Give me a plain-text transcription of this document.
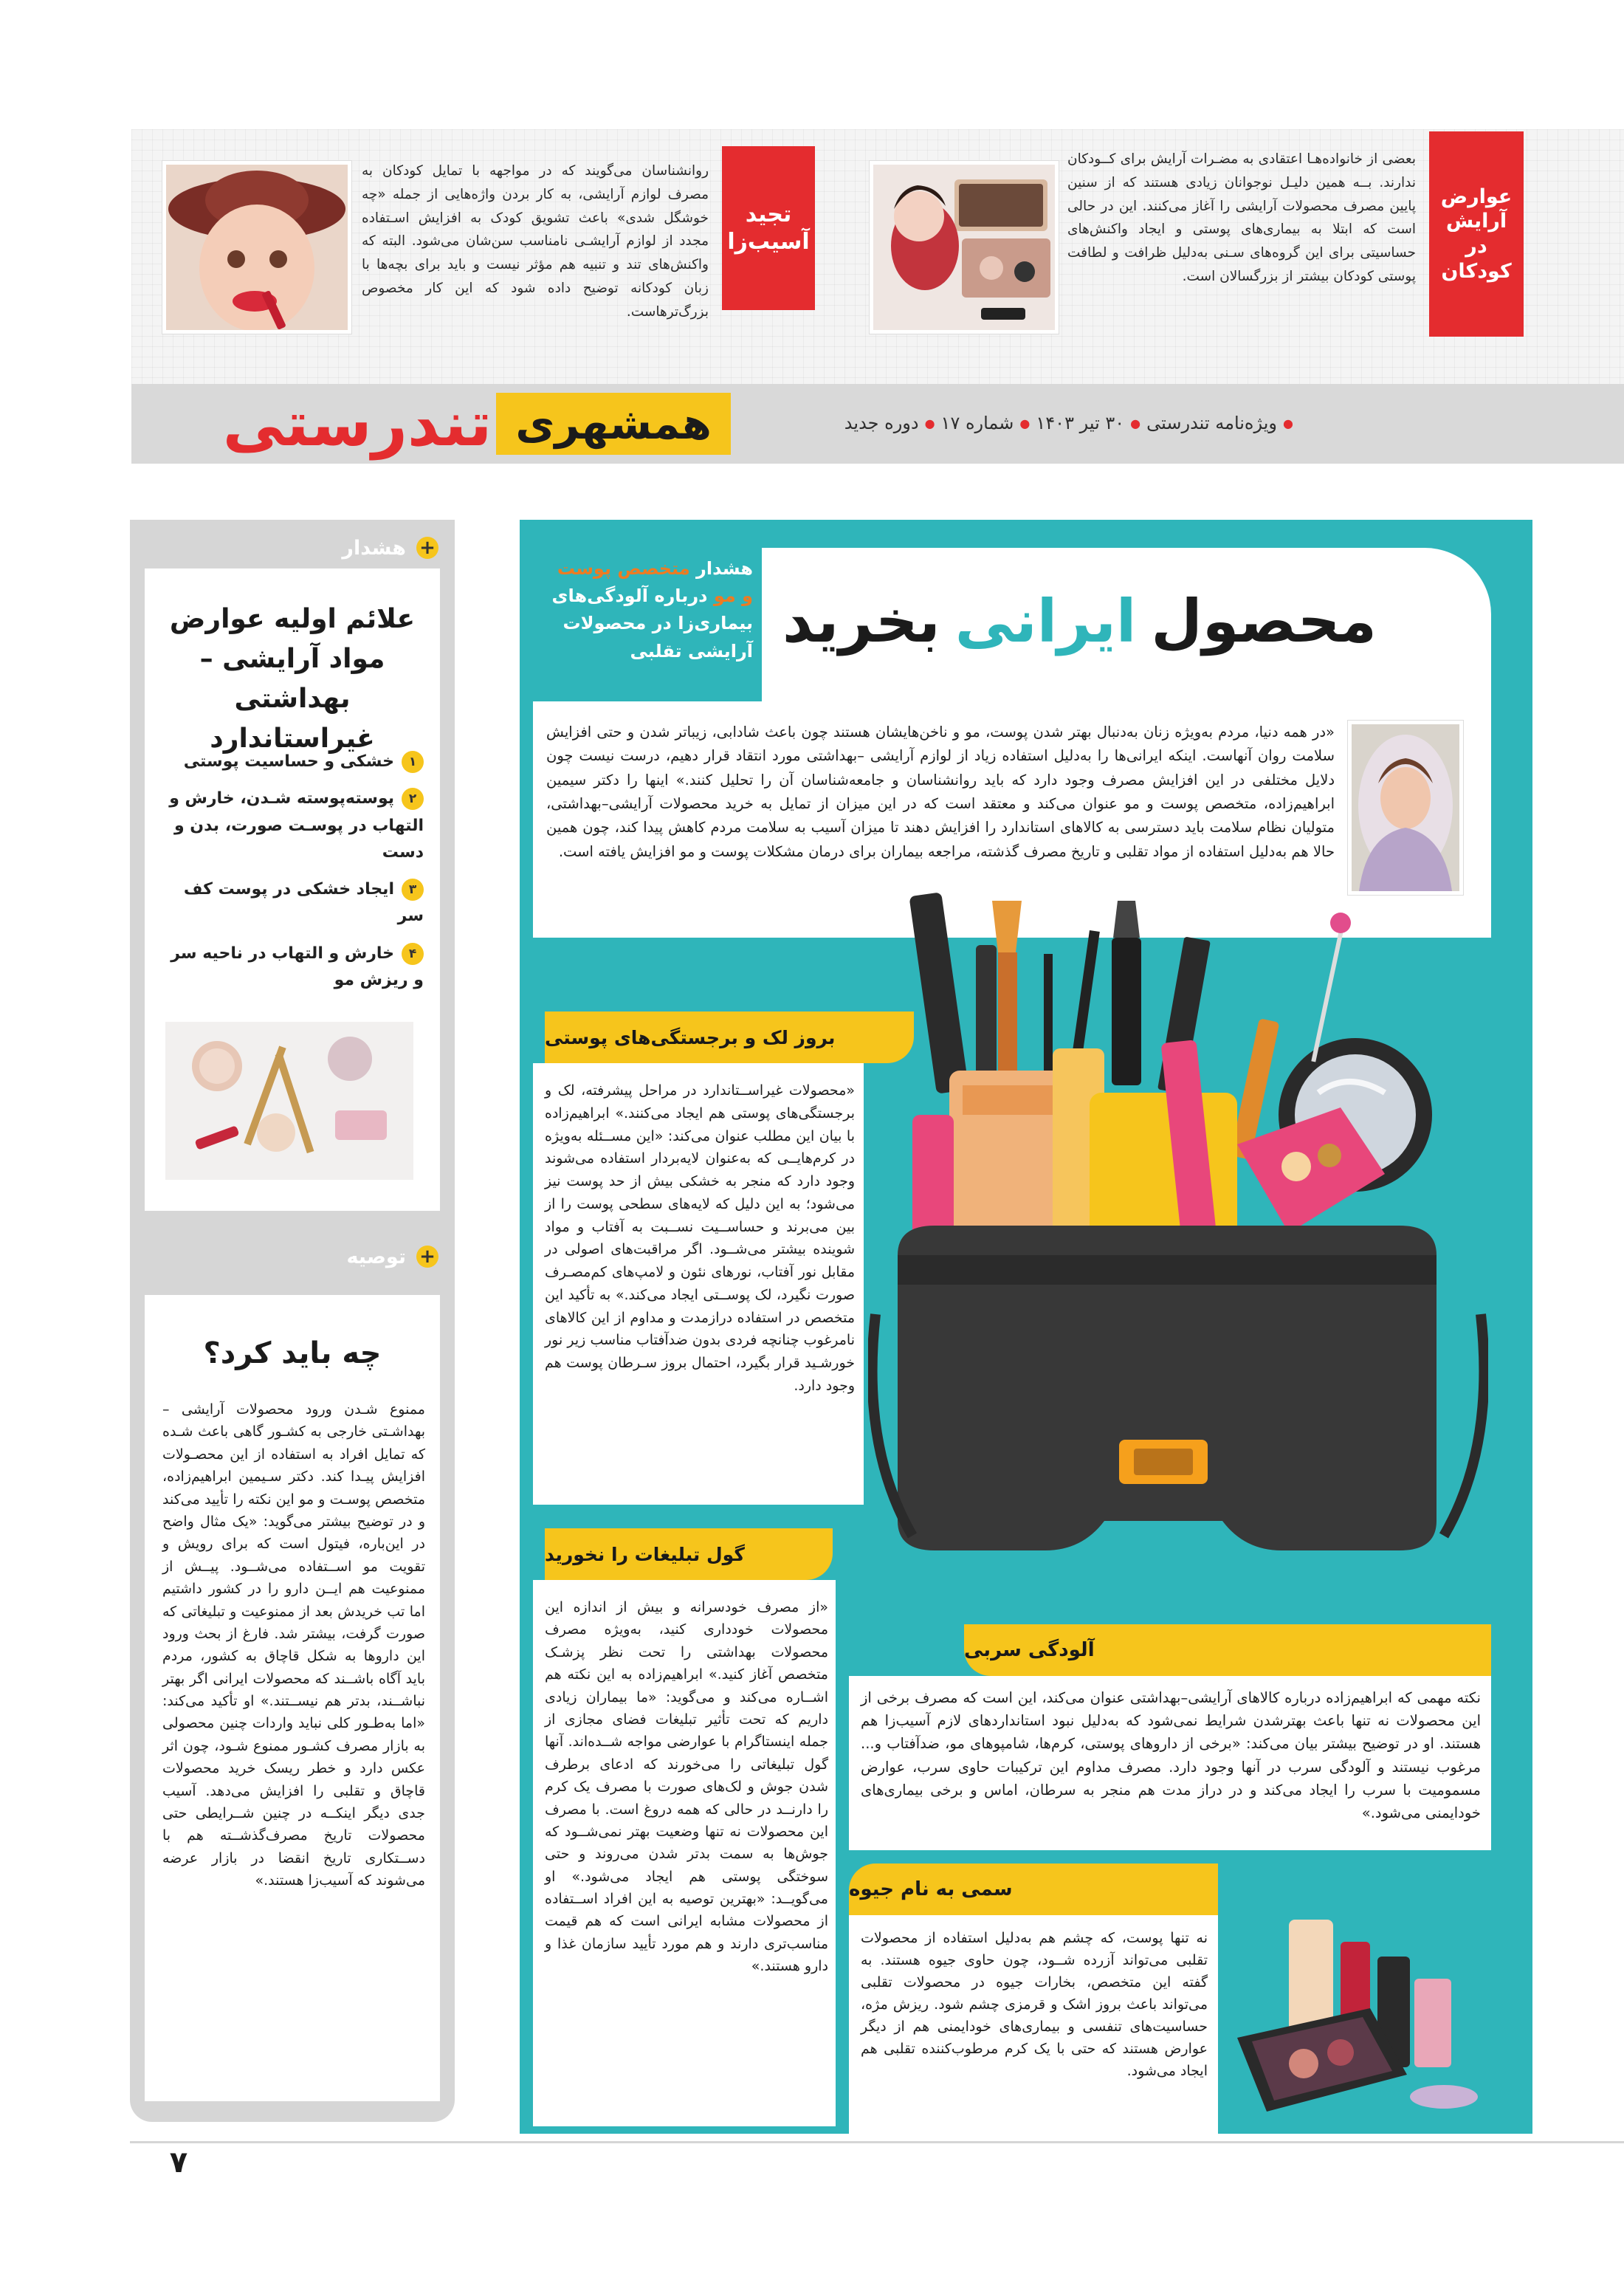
عوارض آرایش در کودکان

بعضی از خانواده‌هـا اعتقادی به مضـرات آرایش برای کــودکان ندارند. بــه همین دلیـل نوجوانان زیادی هستند که از سنین پایین مصرف محصولات آرایشی را آغاز می‌کنند. این در حالی است که ابتلا به بیماری‌های پوستی و ایجاد واکنش‌های حساسیتی برای این گروه‌های سـنی به‌دلیل ظرافت و لطافت پوستی کودکان بیشتر از بزرگسالان است.

تجید آسیب‌زا

روانشناسان می‌گویند که در مواجهه با تمایل کودکان به مصرف لوازم آرایشی، به کار بردن واژه‌هایی از جمله «چه خوشگل شدی» باعث تشویق کودک به افزایش اسـتفاده مجدد از لوازم آرایشـی نامناسب سن‌شان می‌شود. البته که واکنش‌های تند و تنبیه هم مؤثر نیست و باید برای بچه‌ها با زبان کودکانه توضیح داده شود که این کار مخصوص بزرگ‌ترهاست.

همشهری
تندرستی	●
ویژه‌نامه تندرستی
●
۳۰ تیر ۱۴۰۳
●
شماره ۱۷
●
دوره جدید
محصول
ایرانی
بخرید
هشدار متخصص پوست
و مو درباره آلودگی‌های
بیماری‌زا در محصولات
آرایشی تقلبی

«در همه دنیا، مردم به‌ویژه زنان به‌دنبال بهتر شدن پوست، مو و ناخن‌هایشان هستند چون باعث شادابی، زیباتر شدن و حتی افزایش سلامت روان آنهاست. اینکه ایرانی‌ها را به‌دلیل استفاده زیاد از لوازم آرایشی –بهداشتی مورد انتقاد قرار دهیم، درست نیست چون دلایل مختلفی در این افزایش مصرف وجود دارد که باید روانشناسان و جامعه‌شناسان آن را تحلیل کنند.» اینها را دکتر سیمین ابراهیم‌زاده، متخصص پوست و مو عنوان می‌کند و معتقد است که در این میزان از تمایل به خرید محصولات آرایشی–بهداشتی، متولیان نظام سلامت باید دسترسی به کالاهای استاندارد را افزایش دهند تا میزان آسیب به سلامت مردم کاهش پیدا کند، چون همین حالا هم به‌دلیل استفاده از مواد تقلبی و تاریخ مصرف گذشته، مراجعه بیماران برای درمان مشکلات پوست و مو افزایش یافته است.

بروز لک و برجستگی‌های پوستی

«محصولات غیراســتاندارد در مراحل پیشرفته، لک و برجستگی‌های پوستی هم ایجاد می‌کنند.» ابراهیم‌زاده با بیان این مطلب عنوان می‌کند: «این مســئله به‌ویژه در کرم‌هایــی که به‌عنوان لایه‌بردار استفاده می‌شوند وجود دارد که منجر به خشکی بیش از حد پوست نیز می‌شود؛ به این دلیل که لایه‌های سطحی پوست را از بین می‌برند و حساســیت نســبت به آفتاب و مواد شوینده بیشتر می‌شــود. اگر مراقبت‌های اصولی در مقابل نور آفتاب، نورهای نئون و لامپ‌های کم‌مصـرف صورت نگیرد، لک پوســتی ایجاد می‌کند.» به تأکید این متخصص در استفاده درازمدت و مداوم از این کالاهای نامرغوب چنانچه فردی بدون ضدآفتاب مناسب زیر نور خورشـید قرار بگیرد، احتمال بروز سـرطان پوست هم وجود دارد.

گول تبلیغات را نخورید

«از مصرف خودسرانه و بیش از اندازه این محصولات خودداری کنید، به‌ویژه مصرف محصولات بهداشتی را تحت نظر پزشـک متخصص آغاز کنید.» ابراهیم‌زاده به این نکته هم اشــاره می‌کند و می‌گوید: «ما بیماران زیادی داریم که تحت تأثیر تبلیغات فضای مجازی از جمله اینستاگرام با عوارضی مواجه شــده‌اند. آنها گول تبلیغاتی را می‌خورند که ادعای برطرف شدن جوش و لک‌های صورت با مصرف یک کرم را دارنــد در حالی که همه دروغ است. با مصرف این محصولات نه تنها وضعیت بهتر نمی‌شــود که جوش‌ها به سمت بدتر شدن می‌روند و حتی سوختگی پوستی هم ایجاد می‌شود.» او می‌گویــد: «بهترین توصیه به این افراد اســتفاده از محصولات مشابه ایرانی است که هم قیمت مناسب‌تری دارند و هم مورد تأیید سازمان غذا و دارو هستند.»

آلودگی سربی

نکته مهمی که ابراهیم‌زاده درباره کالاهای آرایشی–بهداشتی عنوان می‌کند، این است که مصرف برخی از این محصولات نه تنها باعث بهترشدن شرایط نمی‌شود که به‌دلیل نبود استانداردهای لازم آسیب‌زا هم هستند. او در توضیح بیشتر بیان می‌کند: «برخی از داروهای پوستی، کرم‌ها، شامپوهای مو، ضدآفتاب و... مرغوب نیستند و آلودگی سرب در آنها وجود دارد. مصرف مداوم این ترکیبات حاوی سرب، عوارض مسمومیت با سرب را ایجاد می‌کند و در دراز مدت هم منجر به سرطان، اماس و برخی بیماری‌های خودایمنی می‌شود.»

سمی به نام جیوه

نه تنها پوست، که چشم هم به‌دلیل استفاده از محصولات تقلبی می‌تواند آزرده شــود، چون حاوی جیوه هستند. به گفته این متخصص، بخارات جیوه در محصولات تقلبی می‌تواند باعث بروز اشک و قرمزی چشم شود. ریزش مژه، حساسیت‌های تنفسی و بیماری‌های خودایمنی هم از دیگر عوارض هستند که حتی با یک کرم مرطوب‌کننده تقلبی هم ایجاد می‌شود.

+
هشدار
علائم اولیه عوارض
مواد آرایشی –
بهداشتی غیراستاندارد
۱خشکی و حساسیت پوستی
۲پوسته‌پوسته شـدن، خارش و التهاب در پوسـت صورت، بدن و دست
۳ایجاد خشکی در پوست کف سر
۴خارش و التهاب در ناحیه سر و ریزش مو
+
توصیه
چه باید کرد؟

ممنوع شـدن ورود محصولات آرایشی –بهداشـتی خارجی به کشـور گاهی باعث شـده که تمایل افراد به استفاده از این محصـولات افزایش پیـدا کند. دکتر سـیمین ابراهیم‌زاده، متخصص پوسـت و مو این نکته را تأیید می‌کند و در توضیح بیشتر می‌گوید: «یک مثال واضح در این‌باره، فیتول است که برای رویش و تقویت مو اســتفاده می‌شــود. پیــش از ممنوعیت هم ایــن دارو را در کشور داشتیم اما تب خریدش بعد از ممنوعیت و تبلیغاتی که صورت گرفت، بیشتر شد. فارغ از بحث ورود این داروها به شکل قاچاق به کشور، مردم باید آگاه باشــند که محصولات ایرانی اگر بهتر نباشــند، بدتر هم نیســتند.» او تأکید می‌کند: «اما به‌طـور کلی نباید واردات چنین محصولی به بازار مصرف کشـور ممنوع شـود، چون اثر عکس دارد و خطر ریسک خرید محصولات قاچاق و تقلبی را افزایش می‌دهد. آسیب جدی دیگر اینکــه در چنین شــرایطی حتی محصولات تاریخ مصرف‌گذشــته هم با دســتکاری تاریخ انقضا در بازار عرضه می‌شوند که آسیب‌زا هستند.»

۷
